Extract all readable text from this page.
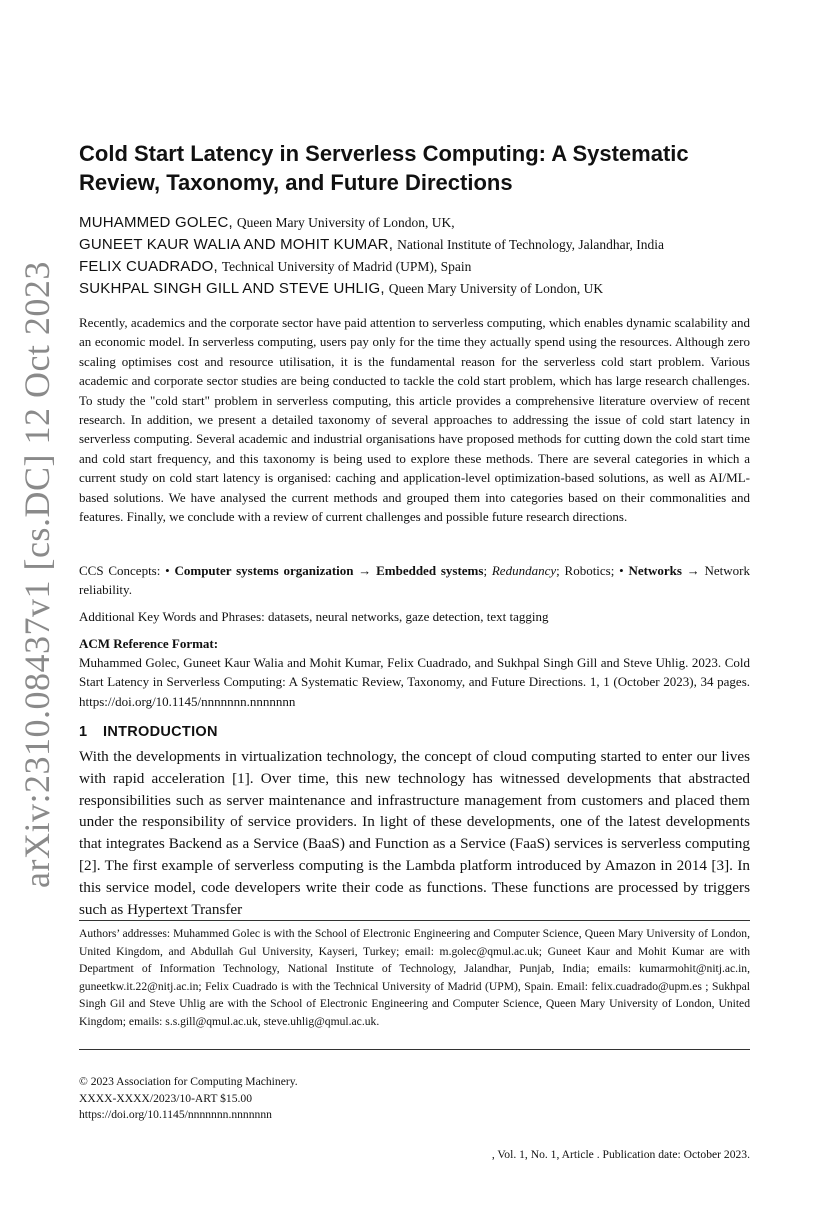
arXiv:2310.08437v1 [cs.DC] 12 Oct 2023
Cold Start Latency in Serverless Computing: A Systematic Review, Taxonomy, and Future Directions
MUHAMMED GOLEC, Queen Mary University of London, UK,
GUNEET KAUR WALIA AND MOHIT KUMAR, National Institute of Technology, Jalandhar, India
FELIX CUADRADO, Technical University of Madrid (UPM), Spain
SUKHPAL SINGH GILL AND STEVE UHLIG, Queen Mary University of London, UK

Recently, academics and the corporate sector have paid attention to serverless computing, which enables dynamic scalability and an economic model. In serverless computing, users pay only for the time they actually spend using the resources. Although zero scaling optimises cost and resource utilisation, it is the fundamental reason for the serverless cold start problem. Various academic and corporate sector studies are being conducted to tackle the cold start problem, which has large research challenges. To study the "cold start" problem in serverless computing, this article provides a comprehensive literature overview of recent research. In addition, we present a detailed taxonomy of several approaches to addressing the issue of cold start latency in serverless computing. Several academic and industrial organisations have proposed methods for cutting down the cold start time and cold start frequency, and this taxonomy is being used to explore these methods. There are several categories in which a current study on cold start latency is organised: caching and application-level optimization-based solutions, as well as AI/ML-based solutions. We have analysed the current methods and grouped them into categories based on their commonalities and features. Finally, we conclude with a review of current challenges and possible future research directions.

CCS Concepts: • Computer systems organization → Embedded systems; Redundancy; Robotics; • Networks → Network reliability.

Additional Key Words and Phrases: datasets, neural networks, gaze detection, text tagging

ACM Reference Format:

Muhammed Golec, Guneet Kaur Walia and Mohit Kumar, Felix Cuadrado, and Sukhpal Singh Gill and Steve Uhlig. 2023. Cold Start Latency in Serverless Computing: A Systematic Review, Taxonomy, and Future Directions. 1, 1 (October 2023), 34 pages. https://doi.org/10.1145/nnnnnnn.nnnnnnn

1 INTRODUCTION

With the developments in virtualization technology, the concept of cloud computing started to enter our lives with rapid acceleration [1]. Over time, this new technology has witnessed developments that abstracted responsibilities such as server maintenance and infrastructure management from customers and placed them under the responsibility of service providers. In light of these developments, one of the latest developments that integrates Backend as a Service (BaaS) and Function as a Service (FaaS) services is serverless computing [2]. The first example of serverless computing is the Lambda platform introduced by Amazon in 2014 [3]. In this service model, code developers write their code as functions. These functions are processed by triggers such as Hypertext Transfer

Authors’ addresses: Muhammed Golec is with the School of Electronic Engineering and Computer Science, Queen Mary University of London, United Kingdom, and Abdullah Gul University, Kayseri, Turkey; email: m.golec@qmul.ac.uk; Guneet Kaur and Mohit Kumar are with Department of Information Technology, National Institute of Technology, Jalandhar, Punjab, India; emails: kumarmohit@nitj.ac.in, guneetkw.it.22@nitj.ac.in; Felix Cuadrado is with the Technical University of Madrid (UPM), Spain. Email: felix.cuadrado@upm.es ; Sukhpal Singh Gil and Steve Uhlig are with the School of Electronic Engineering and Computer Science, Queen Mary University of London, United Kingdom; emails: s.s.gill@qmul.ac.uk, steve.uhlig@qmul.ac.uk.

© 2023 Association for Computing Machinery.
XXXX-XXXX/2023/10-ART $15.00
https://doi.org/10.1145/nnnnnnn.nnnnnnn

, Vol. 1, No. 1, Article . Publication date: October 2023.
